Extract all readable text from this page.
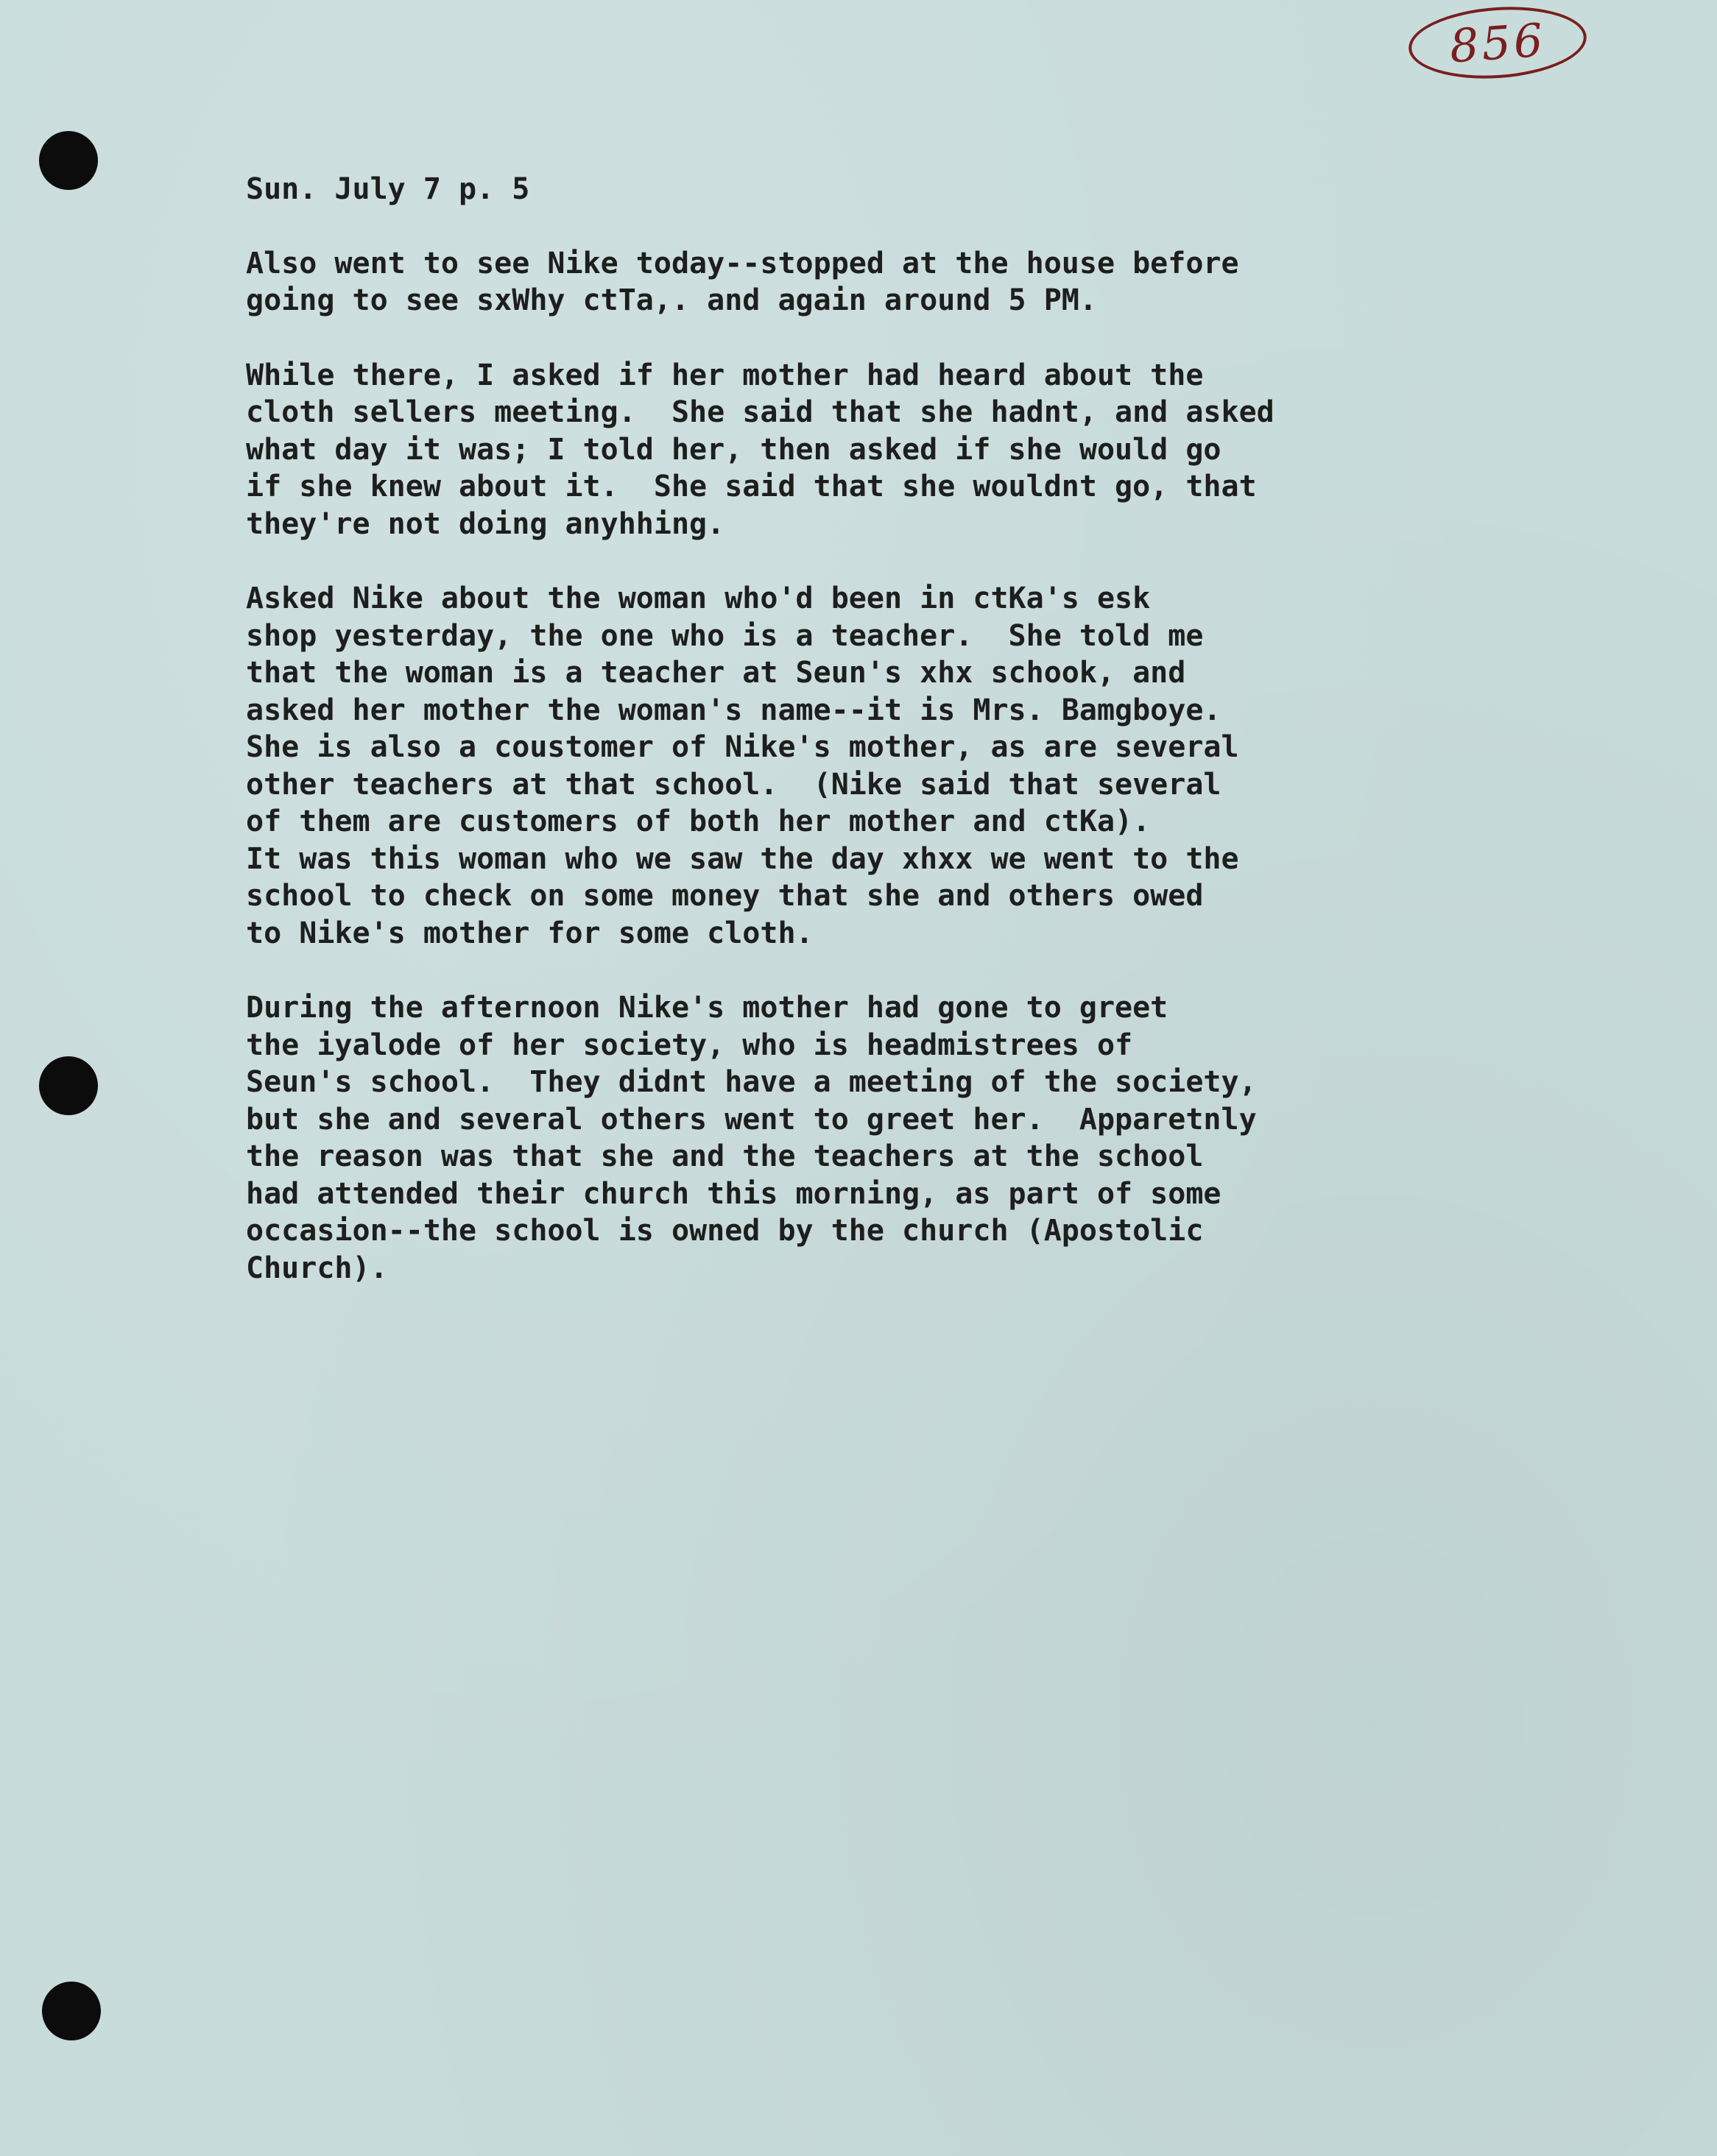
856
Sun. July 7 p. 5
Also went to see Nike today--stopped at the house before
going to see sxWhy ctTa,. and again around 5 PM.
While there, I asked if her mother had heard about the
cloth sellers meeting.  She said that she hadnt, and asked
what day it was; I told her, then asked if she would go
if she knew about it.  She said that she wouldnt go, that
they're not doing anyhhing.
Asked Nike about the woman who'd been in ctKa's esk
shop yesterday, the one who is a teacher.  She told me
that the woman is a teacher at Seun's xhx schook, and
asked her mother the woman's name--it is Mrs. Bamgboye.
She is also a coustomer of Nike's mother, as are several
other teachers at that school.  (Nike said that several
of them are customers of both her mother and ctKa).
It was this woman who we saw the day xhxx we went to the
school to check on some money that she and others owed
to Nike's mother for some cloth.
During the afternoon Nike's mother had gone to greet
the iyalode of her society, who is headmistrees of
Seun's school.  They didnt have a meeting of the society,
but she and several others went to greet her.  Apparetnly
the reason was that she and the teachers at the school
had attended their church this morning, as part of some
occasion--the school is owned by the church (Apostolic
Church).
